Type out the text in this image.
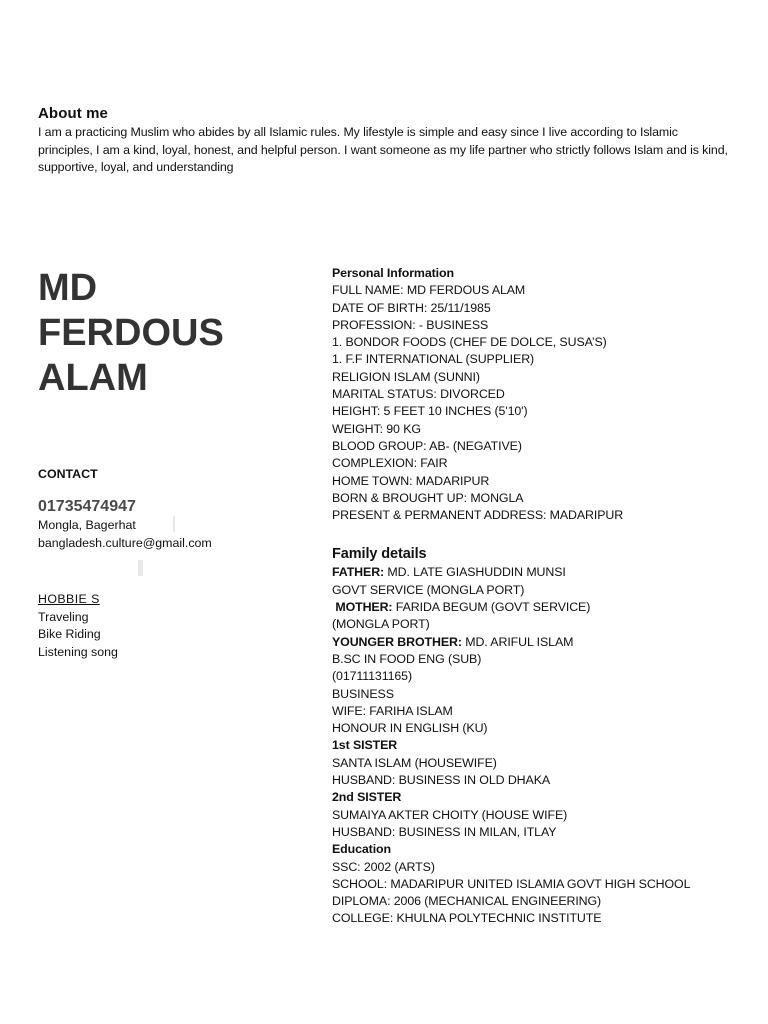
About me

I am a practicing Muslim who abides by all Islamic rules. My lifestyle is simple and easy since I live according to Islamic principles, I am a kind, loyal, honest, and helpful person. I want someone as my life partner who strictly follows Islam and is kind, supportive, loyal, and understanding

MD
FERDOUS
ALAM
CONTACT
01735474947
Mongla, Bagerhat
bangladesh.culture@gmail.com
HOBBIE S
Traveling
Bike Riding
Listening song
Personal Information
FULL NAME: MD FERDOUS ALAM
DATE OF BIRTH: 25/11/1985
PROFESSION: - BUSINESS
1. BONDOR FOODS (CHEF DE DOLCE, SUSA’S)
1. F.F INTERNATIONAL (SUPPLIER)
RELIGION ISLAM (SUNNI)
MARITAL STATUS: DIVORCED
HEIGHT: 5 FEET 10 INCHES (5'10')
WEIGHT: 90 KG
BLOOD GROUP: AB- (NEGATIVE)
COMPLEXION: FAIR
HOME TOWN: MADARIPUR
BORN & BROUGHT UP: MONGLA
PRESENT & PERMANENT ADDRESS: MADARIPUR
Family details
FATHER: MD. LATE GIASHUDDIN MUNSI
GOVT SERVICE (MONGLA PORT)
MOTHER: FARIDA BEGUM (GOVT SERVICE)
(MONGLA PORT)
YOUNGER BROTHER: MD. ARIFUL ISLAM
B.SC IN FOOD ENG (SUB)
(01711131165)
BUSINESS
WIFE: FARIHA ISLAM
HONOUR IN ENGLISH (KU)
1st SISTER
SANTA ISLAM (HOUSEWIFE)
HUSBAND: BUSINESS IN OLD DHAKA
2nd SISTER
SUMAIYA AKTER CHOITY (HOUSE WIFE)
HUSBAND: BUSINESS IN MILAN, ITLAY
Education
SSC: 2002 (ARTS)
SCHOOL: MADARIPUR UNITED ISLAMIA GOVT HIGH SCHOOL
DIPLOMA: 2006 (MECHANICAL ENGINEERING)
COLLEGE: KHULNA POLYTECHNIC INSTITUTE
